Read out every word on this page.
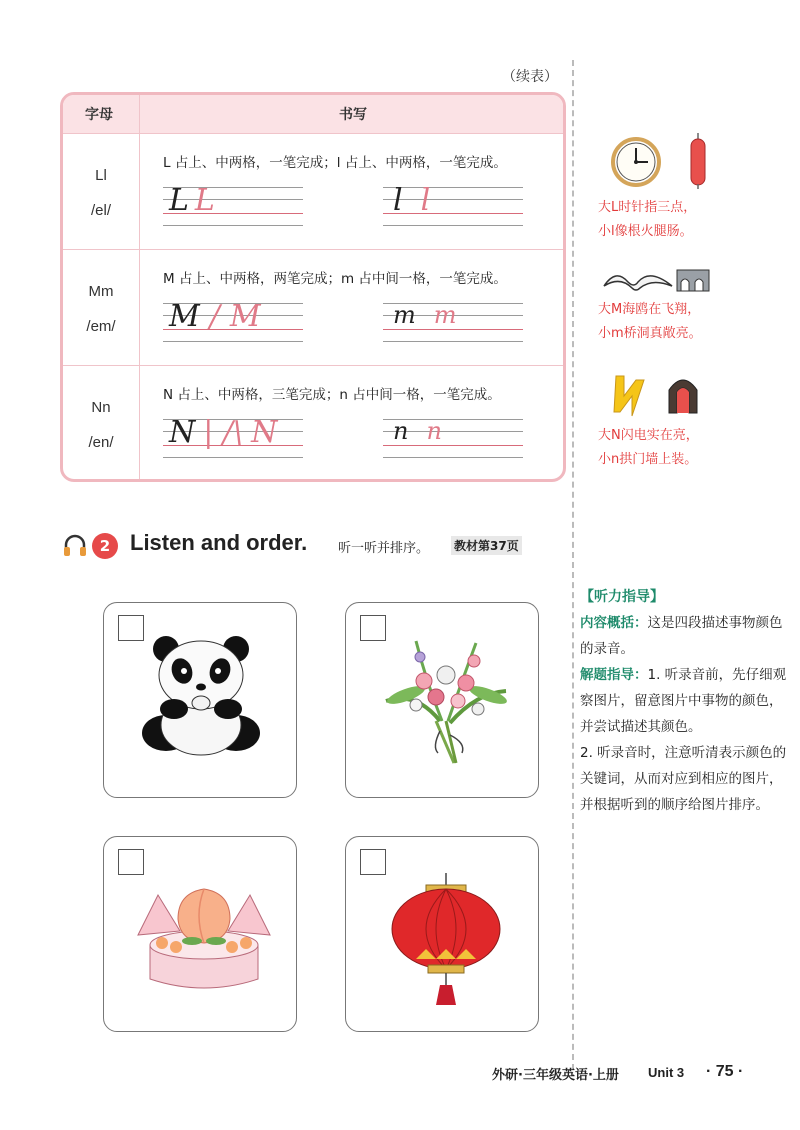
（续表）
字母	书写
Ll
/el/
L 占上、中两格，一笔完成；l 占上、中两格，一笔完成。
L L	l l
Mm
/em/
M 占上、中两格，两笔完成；m 占中间一格，一笔完成。
M / M	m m
Nn
/en/
N 占上、中两格，三笔完成；n 占中间一格，一笔完成。
N | /\ N	n n
大L时针指三点，
小l像根火腿肠。
大M海鸥在飞翔，
小m桥洞真敞亮。
大N闪电实在亮，
小n拱门墙上装。
2 Listen and order. 听一听并排序。 教材第37页
【听力指导】
内容概括：这是四段描述事物颜色的录音。
解题指导：1. 听录音前，先仔细观察图片，留意图片中事物的颜色，并尝试描述其颜色。
2. 听录音时，注意听清表示颜色的关键词，从而对应到相应的图片，并根据听到的顺序给图片排序。
外研·三年级英语·上册 Unit 3 · 75 ·
